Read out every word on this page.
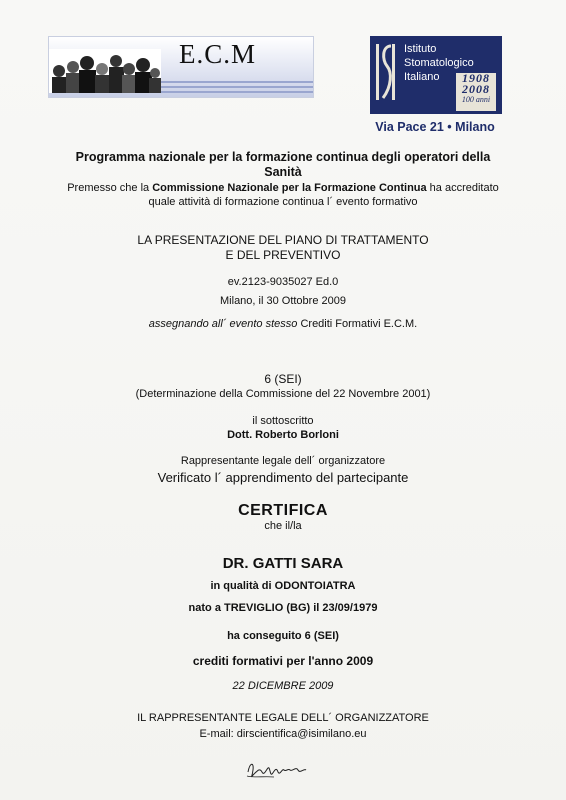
E.C.M	Istituto
Stomatologico
Italiano	1908
2008
100 anni
Via Pace 21 • Milano
Programma nazionale per la formazione continua degli operatori della
Sanità
Premesso che la Commissione Nazionale per la Formazione Continua ha accreditato
quale attività di formazione continua l´ evento formativo
LA PRESENTAZIONE DEL PIANO DI TRATTAMENTO
E DEL PREVENTIVO
ev.2123-9035027 Ed.0
Milano, il 30 Ottobre 2009
assegnando all´ evento stesso Crediti Formativi E.C.M.
6 (SEI)
(Determinazione della Commissione del 22 Novembre 2001)
il sottoscritto
Dott. Roberto Borloni
Rappresentante legale dell´ organizzatore
Verificato l´ apprendimento del partecipante
CERTIFICA
che il/la
DR. GATTI SARA
in qualità di ODONTOIATRA
nato a TREVIGLIO (BG) il 23/09/1979
ha conseguito 6 (SEI)
crediti formativi per l'anno 2009
22 DICEMBRE 2009
IL RAPPRESENTANTE LEGALE DELL´ ORGANIZZATORE
E-mail: dirscientifica@isimilano.eu
